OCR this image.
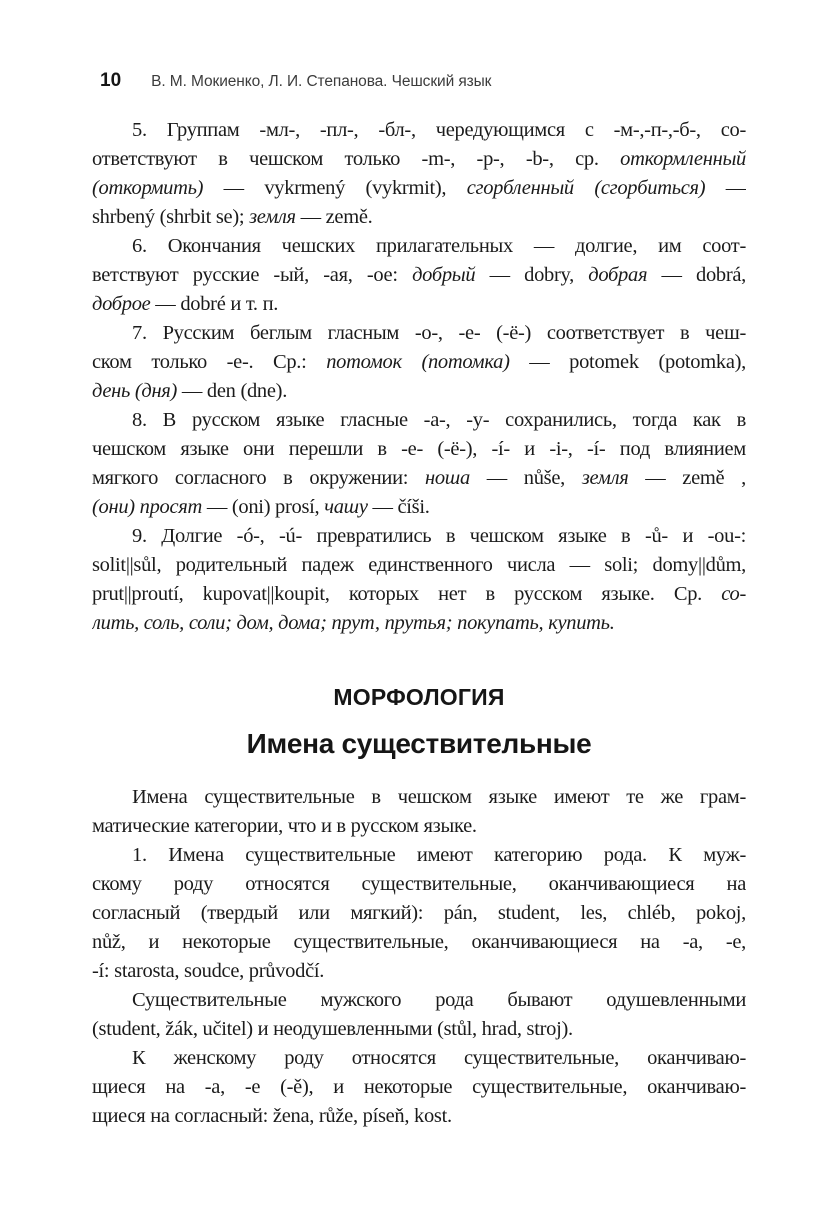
10 В. М. Мокиенко, Л. И. Степанова. Чешский язык
5. Группам -мл-, -пл-, -бл-, чередующимся с -м-,-п-,-б-, со-
ответствуют в чешском только -m-, -p-, -b-, ср. откормленный
(откормить) — vykrmený (vykrmit), сгорбленный (сгорбиться) —
shrbený (shrbit se); земля — země.
6. Окончания чешских прилагательных — долгие, им соот-
ветствуют русские -ый, -ая, -ое: добрый — dobry, добрая — dobrá,
доброе — dobré и т. п.
7. Русским беглым гласным -о-, -е- (-ё-) соответствует в чеш-
ском только -е-. Ср.: потомок (потомка) — potomek (potomka),
день (дня) — den (dne).
8. В русском языке гласные -а-, -у- сохранились, тогда как в
чешском языке они перешли в -е- (-ё-), -í- и -i-, -í- под влиянием
мягкого согласного в окружении: ноша — nůše, земля — země ,
(они) просят — (oni) prosí, чашу — číši.
9. Долгие -ó-, -ú- превратились в чешском языке в -ů- и -ou-:
solit||sůl, родительный падеж единственного числа — soli; domy||dům,
prut||proutí, kupovat||koupit, которых нет в русском языке. Ср. со-
лить, соль, соли; дом, дома; прут, прутья; покупать, купить.
МОРФОЛОГИЯ
Имена существительные
Имена существительные в чешском языке имеют те же грам-
матические категории, что и в русском языке.
1. Имена существительные имеют категорию рода. К муж-
скому роду относятся существительные, оканчивающиеся на
согласный (твердый или мягкий): pán, student, les, chléb, pokoj,
nůž, и некоторые существительные, оканчивающиеся на -a, -e,
-í: starosta, soudce, průvodčí.
Существительные мужского рода бывают одушевленными
(student, žák, učitel) и неодушевленными (stůl, hrad, stroj).
К женскому роду относятся существительные, оканчиваю-
щиеся на -a, -e (-ě), и некоторые существительные, оканчиваю-
щиеся на согласный: žena, růže, píseň, kost.
